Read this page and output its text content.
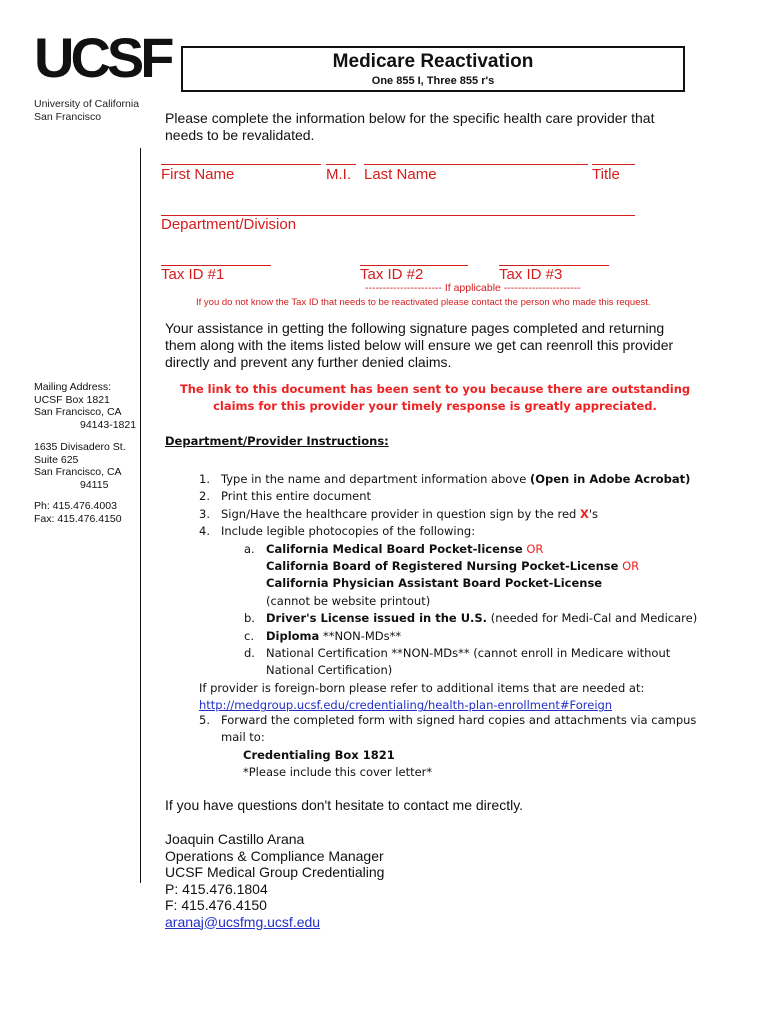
UCSF
University of California
San Francisco
Medicare Reactivation
One 855 I, Three 855 r's
Please complete the information below for the specific health care provider that needs to be revalidated.
First Name	M.I. Last Name	Title
Department/Division
Tax ID #1	Tax ID #2	Tax ID #3
---------------------- If applicable ----------------------
If you do not know the Tax ID that needs to be reactivated please contact the person who made this request.
Your assistance in getting the following signature pages completed and returning them along with the items listed below will ensure we get can reenroll this provider directly and prevent any further denied claims.
Mailing Address:
UCSF Box 1821
San Francisco, CA
94143-1821
1635 Divisadero St.
Suite 625
San Francisco, CA
94115
Ph: 415.476.4003
Fax: 415.476.4150
The link to this document has been sent to you because there are outstanding claims for this provider your timely response is greatly appreciated.
Department/Provider Instructions:
1. Type in the name and department information above (Open in Adobe Acrobat)
2. Print this entire document
3. Sign/Have the healthcare provider in question sign by the red X's
4. Include legible photocopies of the following:
a. California Medical Board Pocket-license OR
California Board of Registered Nursing Pocket-License OR
California Physician Assistant Board Pocket-License
(cannot be website printout)
b. Driver's License issued in the U.S. (needed for Medi-Cal and Medicare)
c. Diploma **NON-MDs**
d. National Certification **NON-MDs** (cannot enroll in Medicare without
National Certification)
If provider is foreign-born please refer to additional items that are needed at:
http://medgroup.ucsf.edu/credentialing/health-plan-enrollment#Foreign
5. Forward the completed form with signed hard copies and attachments via campus
mail to:
Credentialing Box 1821
*Please include this cover letter*
If you have questions don't hesitate to contact me directly.
Joaquin Castillo Arana
Operations & Compliance Manager
UCSF Medical Group Credentialing
P: 415.476.1804
F: 415.476.4150
aranaj@ucsfmg.ucsf.edu
